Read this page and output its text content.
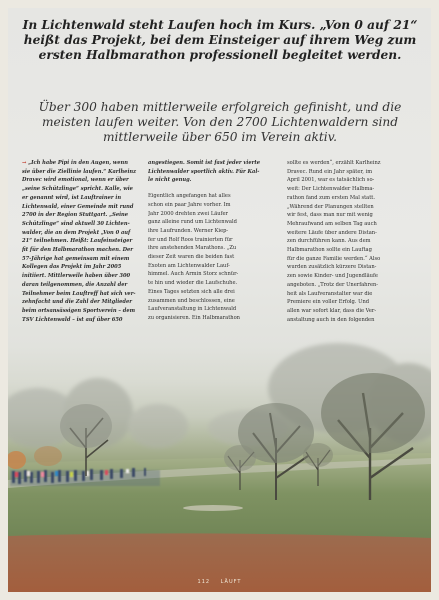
In Lichtenwald steht Laufen hoch im Kurs. „Von 0 auf 21“
heißt das Projekt, bei dem Einsteiger auf ihrem Weg zum
ersten Halbmarathon professionell begleitet werden.

Über 300 haben mittlerweile erfolgreich gefinisht, und die
meisten laufen weiter. Von den 2700 Lichtenwaldern sind
mittlerweile über 650 im Verein aktiv.

→ „Ich habe Pipi in den Augen, wenn
sie über die Ziellinie laufen.“ Karlheinz
Dravec wird emotional, wenn er über
„seine Schützlinge“ spricht. Kalle, wie
er genannt wird, ist Lauftrainer in
Lichtenwald, einer Gemeinde mit rund
2700 in der Region Stuttgart. „Seine
Schützlinge“ sind aktuell 30 Lichten-
walder, die an dem Projekt „Von 0 auf
21“ teilnehmen. Heißt: Laufeinsteiger
fit für den Halbmarathon machen. Der
57-Jährige hat gemeinsam mit einem
Kollegen das Projekt im Jahr 2005
initiiert. Mittlerweile haben über 300
daran teilgenommen, die Anzahl der
Teilnehmer beim Lauftreff hat sich ver-
zehnfacht und die Zahl der Mitglieder
beim ortsansässigen Sportverein – dem
TSV Lichtenwald – ist auf über 650
angestiegen. Somit ist fast jeder vierte
Lichtenwalder sportlich aktiv. Für Kal-
le nicht genug.
Eigentlich angefangen hat alles
schon ein paar Jahre vorher. Im
Jahr 2000 drehten zwei Läufer
ganz alleine rund um Lichtenwald
ihre Laufrunden. Werner Kiep-
fer und Rolf Roos trainierten für
ihre anstehenden Marathons. „Zu
dieser Zeit waren die beiden fast
Exoten am Lichtenwalder Lauf-
himmel. Auch Armin Storz schnür-
te hin und wieder die Laufschuhe.
Eines Tages setzten sich alle drei
zusammen und beschlossen, eine
Laufveranstaltung in Lichtenwald
zu organisieren. Ein Halbmarathon
sollte es werden“, erzählt Karlheinz
Dravec. Rund ein Jahr später, im
April 2001, war es tatsächlich so-
weit: Der Lichtenwalder Halbma-
rathon fand zum ersten Mal statt.
„Während der Planungen stellten
wir fest, dass man nur mit wenig
Mehraufwand am selben Tag auch
weitere Läufe über andere Distan-
zen durchführen kann. Aus dem
Halbmarathon sollte ein Lauftag
für die ganze Familie werden.“ Also
wurden zusätzlich kürzere Distan-
zen sowie Kinder- und Jugendläufe
angeboten. „Trotz der Unerfahren-
heit als Laufveranstalter war die
Premiere ein voller Erfolg. Und
allen war sofort klar, dass die Ver-
anstaltung auch in den folgenden
112 LÄUFT
